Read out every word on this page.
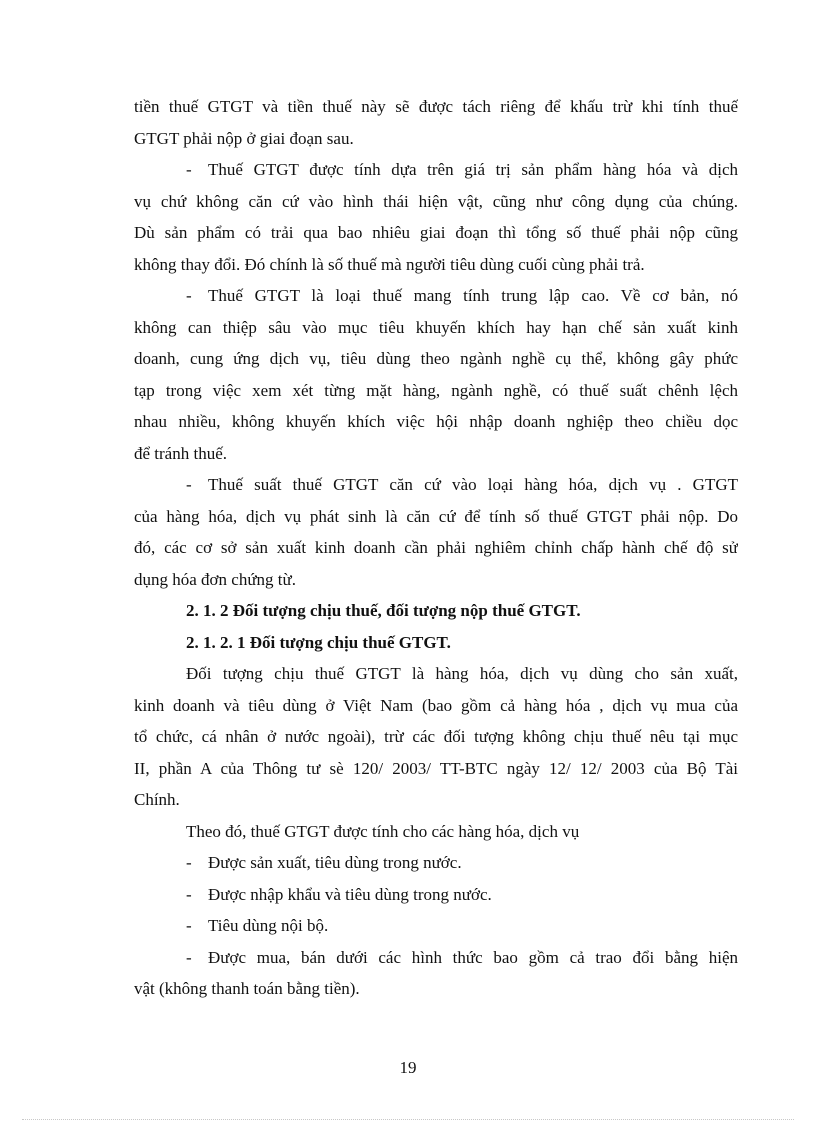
tiền thuế GTGT và tiền thuế này sẽ được tách riêng để khấu trừ khi tính thuế
GTGT phải nộp ở giai đoạn sau.
- Thuế GTGT được tính dựa trên giá trị sản phẩm hàng hóa và dịch
vụ chứ không căn cứ vào hình thái hiện vật, cũng như công dụng của chúng.
Dù sản phẩm có trải qua bao nhiêu giai đoạn thì tổng số thuế phải nộp cũng
không thay đổi. Đó chính là số thuế mà người tiêu dùng cuối cùng phải trả.
- Thuế GTGT là loại thuế mang tính trung lập cao. Về cơ bản, nó
không can thiệp sâu vào mục tiêu khuyến khích hay hạn chế sản xuất kinh
doanh, cung ứng dịch vụ, tiêu dùng theo ngành nghề cụ thể, không gây phức
tạp trong việc xem xét từng mặt hàng, ngành nghề, có thuế suất chênh lệch
nhau nhiều, không khuyến khích việc hội nhập doanh nghiệp theo chiều dọc
để tránh thuế.
- Thuế suất thuế GTGT căn cứ vào loại hàng hóa, dịch vụ . GTGT
của hàng hóa, dịch vụ phát sinh là căn cứ để tính số thuế GTGT phải nộp. Do
đó, các cơ sở sản xuất kinh doanh cần phải nghiêm chỉnh chấp hành chế độ sử
dụng hóa đơn chứng từ.
2. 1. 2 Đối tượng chịu thuế, đối tượng nộp thuế GTGT.
2. 1. 2. 1 Đối tượng chịu thuế GTGT.
Đối tượng chịu thuế GTGT là hàng hóa, dịch vụ dùng cho sản xuất,
kinh doanh và tiêu dùng ở Việt Nam (bao gồm cả hàng hóa , dịch vụ mua của
tổ chức, cá nhân ở nước ngoài), trừ các đối tượng không chịu thuế nêu tại mục
II, phần A của Thông tư sè 120/ 2003/ TT-BTC ngày 12/ 12/ 2003 của Bộ Tài
Chính.
Theo đó, thuế GTGT được tính cho các hàng hóa, dịch vụ
- Được sản xuất, tiêu dùng trong nước.
- Được nhập khẩu và tiêu dùng trong nước.
- Tiêu dùng nội bộ.
- Được mua, bán dưới các hình thức bao gồm cả trao đổi bằng hiện
vật (không thanh toán bằng tiền).
19
